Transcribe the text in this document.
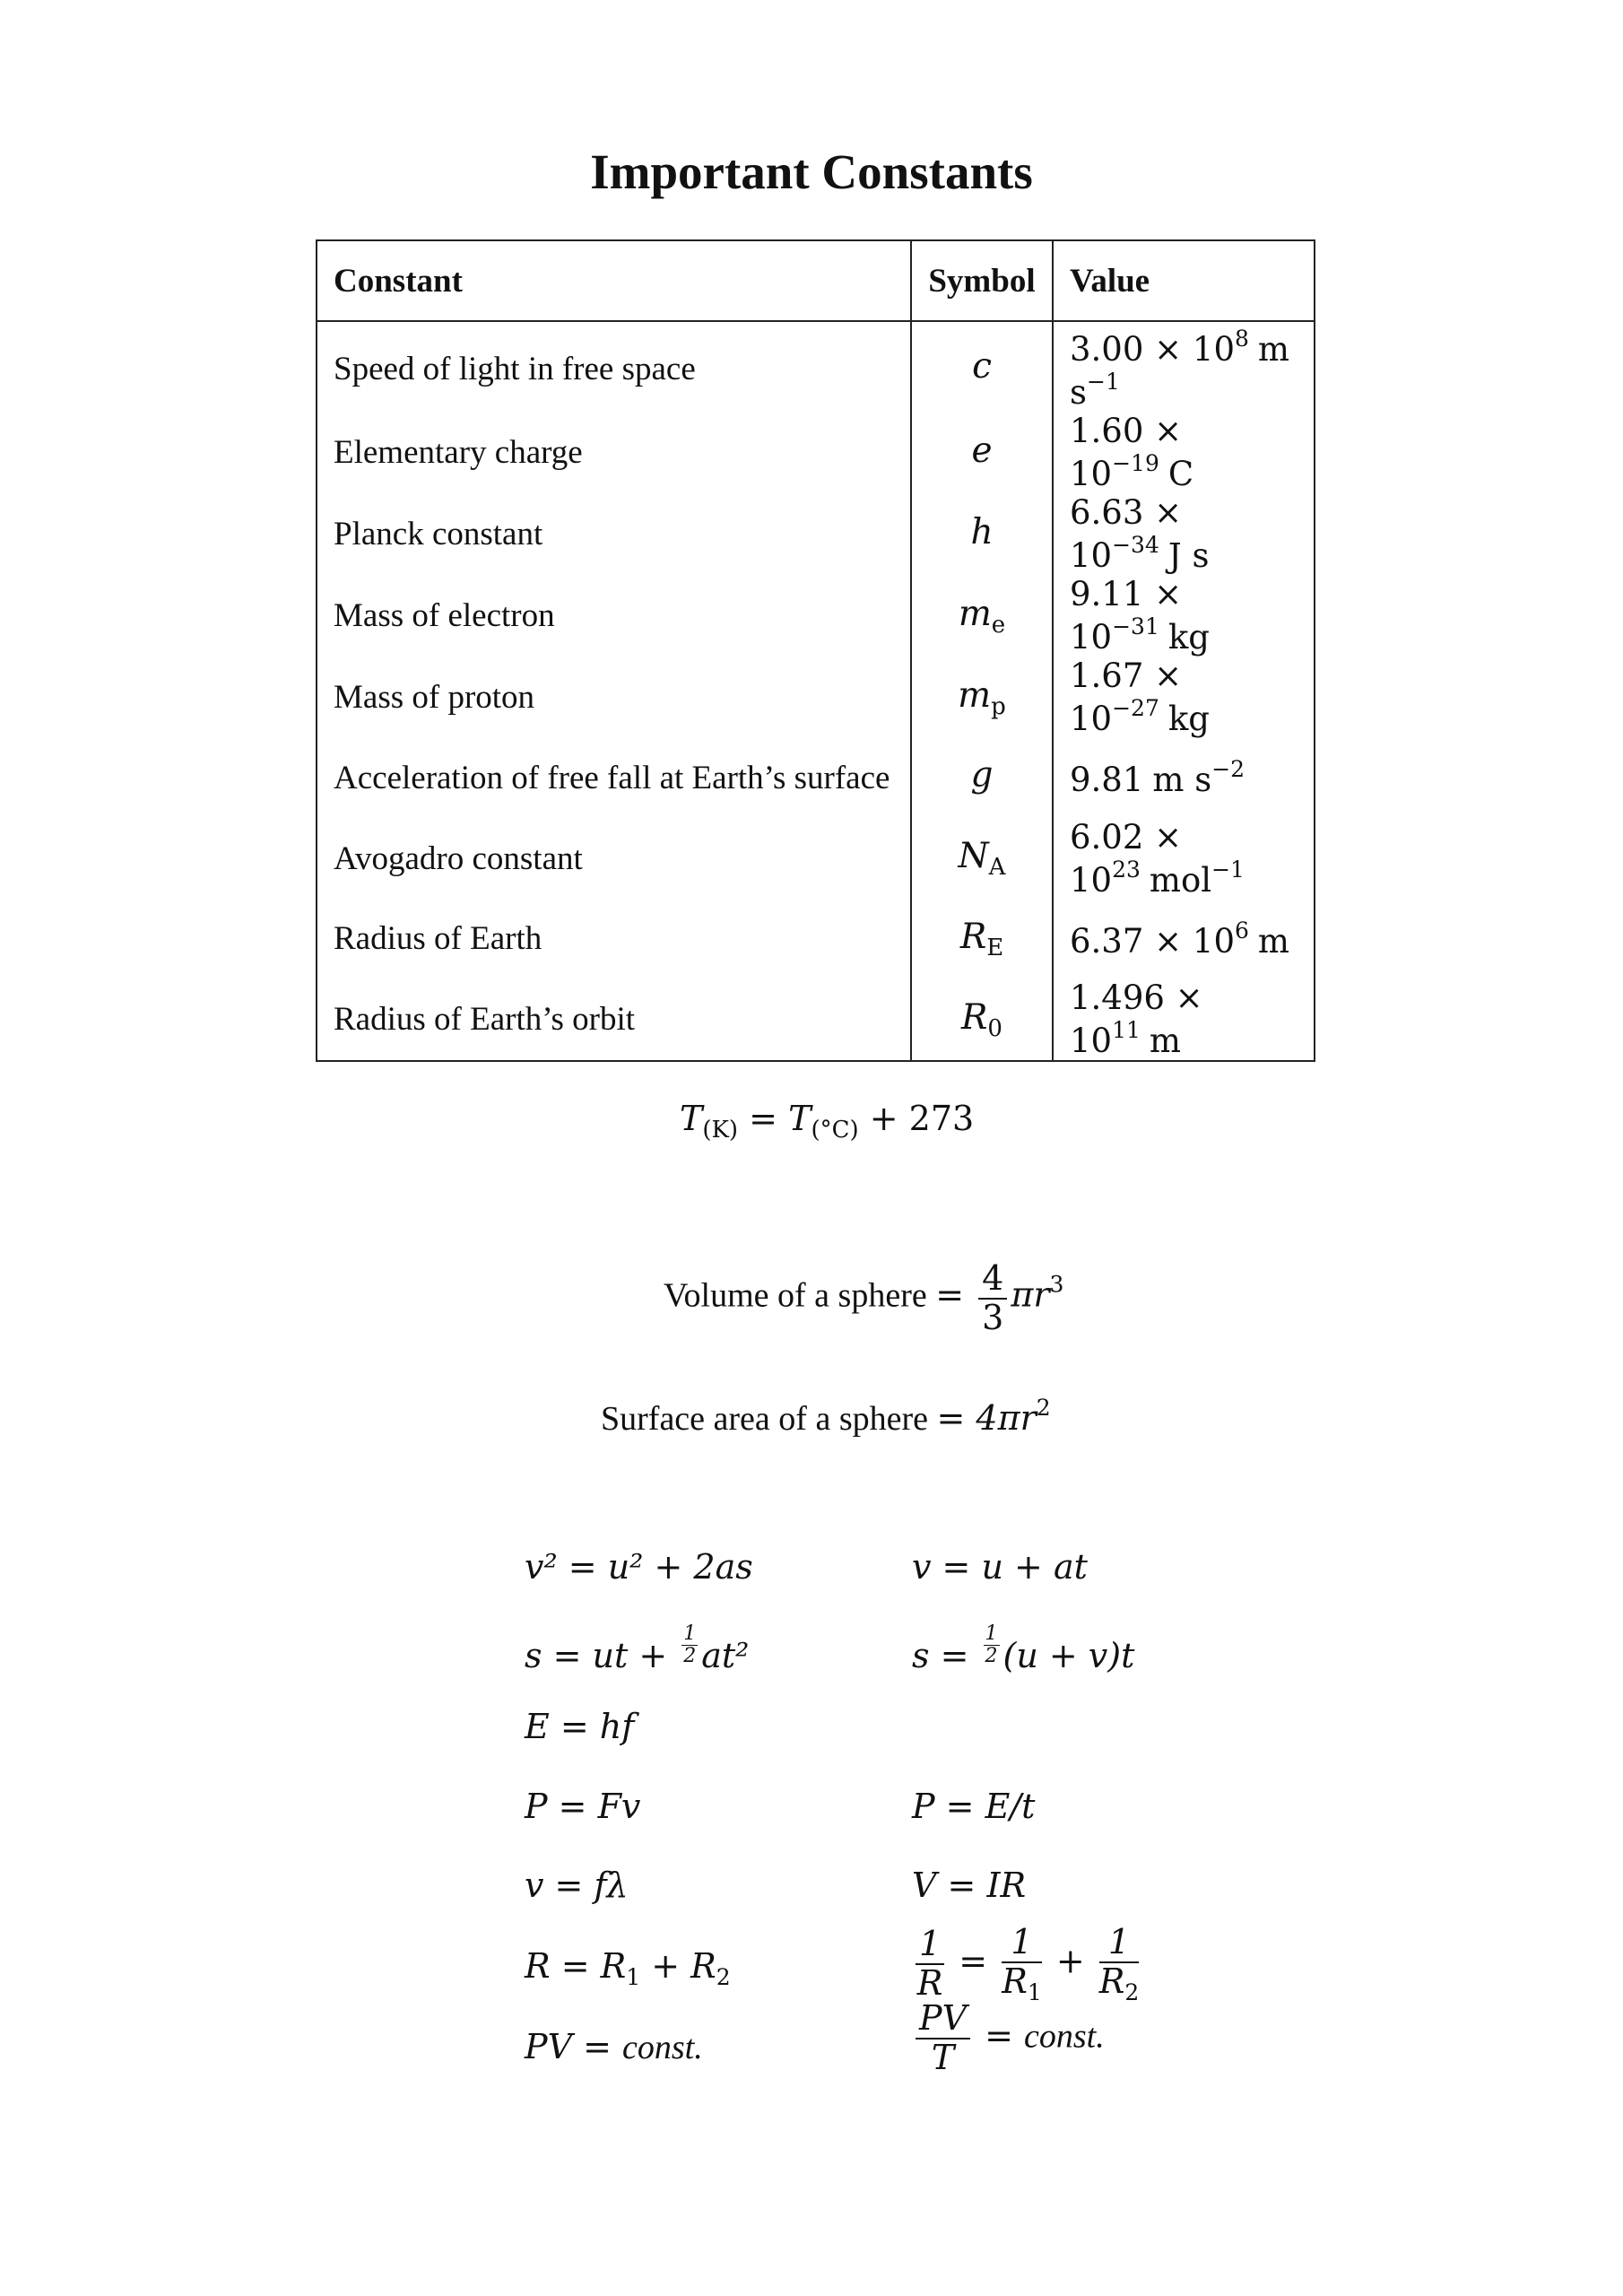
Important Constants
Constant	Symbol	Value
Speed of light in free space	c	$3.00 \times 10^8$ m $s^{-1}$
Elementary charge	e	$1.60 \times 10^{-19}$ C
Planck constant	h	$6.63 \times 10^{-34}$ J s
Mass of electron	$m_e$	$9.11 \times 10^{-31}$ kg
Mass of proton	$m_p$	$1.67 \times 10^{-27}$ kg
Acceleration of free fall at Earth’s surface	g	9.81 m $s^{-2}$
Avogadro constant	$N_A$	$6.02 \times 10^{23}$ mol$^{-1}$
Radius of Earth	$R_E$	$6.37 \times 10^6$ m
Radius of Earth’s orbit	$R_0$	$1.496 \times 10^{11}$ m
$T_{(K)} = T_{(^\circ C)} + 273$
Volume of a sphere = $\frac{4}{3} \pi r^3$
Surface area of a sphere = $4\pi r^2$
v² = u² + 2as	v = u + at
s = ut + $\frac{1}{2} at^2$	$s = \frac{1}{2} (u + v)t$
E = hf
P = Fv	P = E/t
v = fλ	V = IR
$R = R_1 + R_2$	$\frac{1}{R} = \frac{1}{R_1} + \frac{1}{R_2}$
PV = const.	$\frac{PV}{T}$ = const.
